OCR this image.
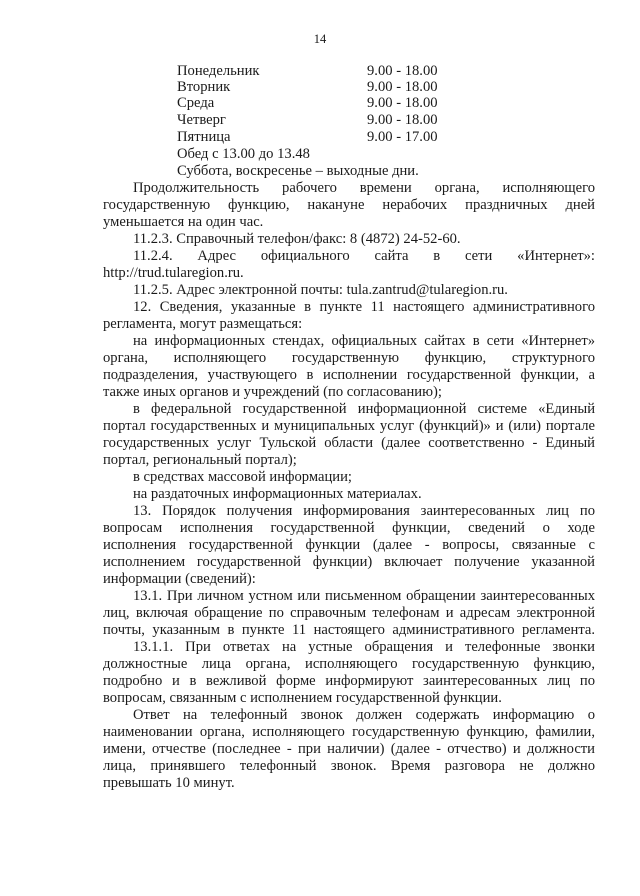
14
Понедельник	9.00 - 18.00
Вторник	9.00 - 18.00
Среда	9.00 - 18.00
Четверг	9.00 - 18.00
Пятница	9.00 - 17.00
Обед с 13.00 до 13.48
Суббота, воскресенье – выходные дни.
Продолжительность рабочего времени органа, исполняющего
государственную функцию, накануне нерабочих праздничных дней
уменьшается на один час.
11.2.3. Справочный телефон/факс: 8 (4872) 24-52-60.
11.2.4. Адрес официального сайта в сети «Интернет»:
http://trud.tularegion.ru.
11.2.5. Адрес электронной почты: tula.zantrud@tularegion.ru.
12. Сведения, указанные в пункте 11 настоящего административного
регламента, могут размещаться:
на информационных стендах, официальных сайтах в сети «Интернет»
органа, исполняющего государственную функцию, структурного
подразделения, участвующего в исполнении государственной функции, а
также иных органов и учреждений (по согласованию);
в федеральной государственной информационной системе «Единый
портал государственных и муниципальных услуг (функций)» и (или) портале
государственных услуг Тульской области (далее соответственно - Единый
портал, региональный портал);
в средствах массовой информации;
на раздаточных информационных материалах.
13. Порядок получения информирования заинтересованных лиц по
вопросам исполнения государственной функции, сведений о ходе
исполнения государственной функции (далее - вопросы, связанные с
исполнением государственной функции) включает получение указанной
информации (сведений):
13.1. При личном устном или письменном обращении заинтересованных
лиц, включая обращение по справочным телефонам и адресам электронной
почты, указанным в пункте 11 настоящего административного регламента.
13.1.1. При ответах на устные обращения и телефонные звонки
должностные лица органа, исполняющего государственную функцию,
подробно и в вежливой форме информируют заинтересованных лиц по
вопросам, связанным с исполнением государственной функции.
Ответ на телефонный звонок должен содержать информацию о
наименовании органа, исполняющего государственную функцию, фамилии,
имени, отчестве (последнее - при наличии) (далее - отчество) и должности
лица, принявшего телефонный звонок. Время разговора не должно
превышать 10 минут.
